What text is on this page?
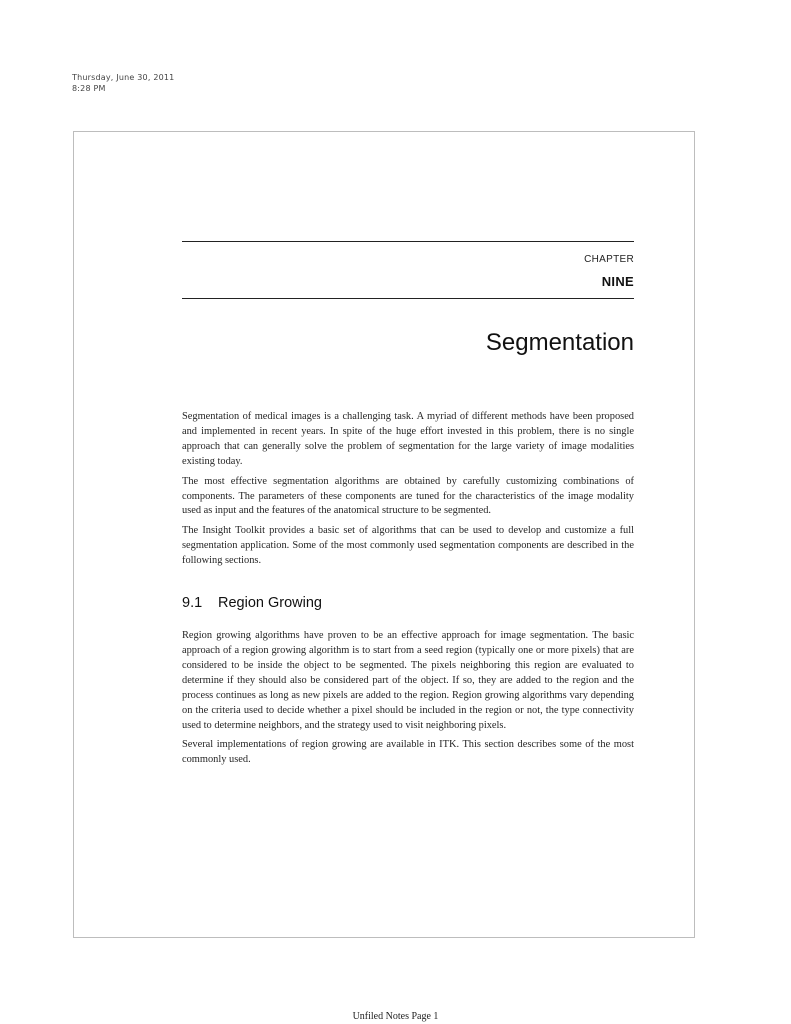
Thursday, June 30, 2011
8:28 PM
CHAPTER
NINE
Segmentation

Segmentation of medical images is a challenging task. A myriad of different methods have been proposed and implemented in recent years. In spite of the huge effort invested in this problem, there is no single approach that can generally solve the problem of segmentation for the large variety of image modalities existing today.

The most effective segmentation algorithms are obtained by carefully customizing combinations of components. The parameters of these components are tuned for the characteristics of the image modality used as input and the features of the anatomical structure to be segmented.

The Insight Toolkit provides a basic set of algorithms that can be used to develop and customize a full segmentation application. Some of the most commonly used segmentation components are described in the following sections.

9.1 Region Growing

Region growing algorithms have proven to be an effective approach for image segmentation. The basic approach of a region growing algorithm is to start from a seed region (typically one or more pixels) that are considered to be inside the object to be segmented. The pixels neighboring this region are evaluated to determine if they should also be considered part of the object. If so, they are added to the region and the process continues as long as new pixels are added to the region. Region growing algorithms vary depending on the criteria used to decide whether a pixel should be included in the region or not, the type connectivity used to determine neighbors, and the strategy used to visit neighboring pixels.

Several implementations of region growing are available in ITK. This section describes some of the most commonly used.

Unfiled Notes Page 1
